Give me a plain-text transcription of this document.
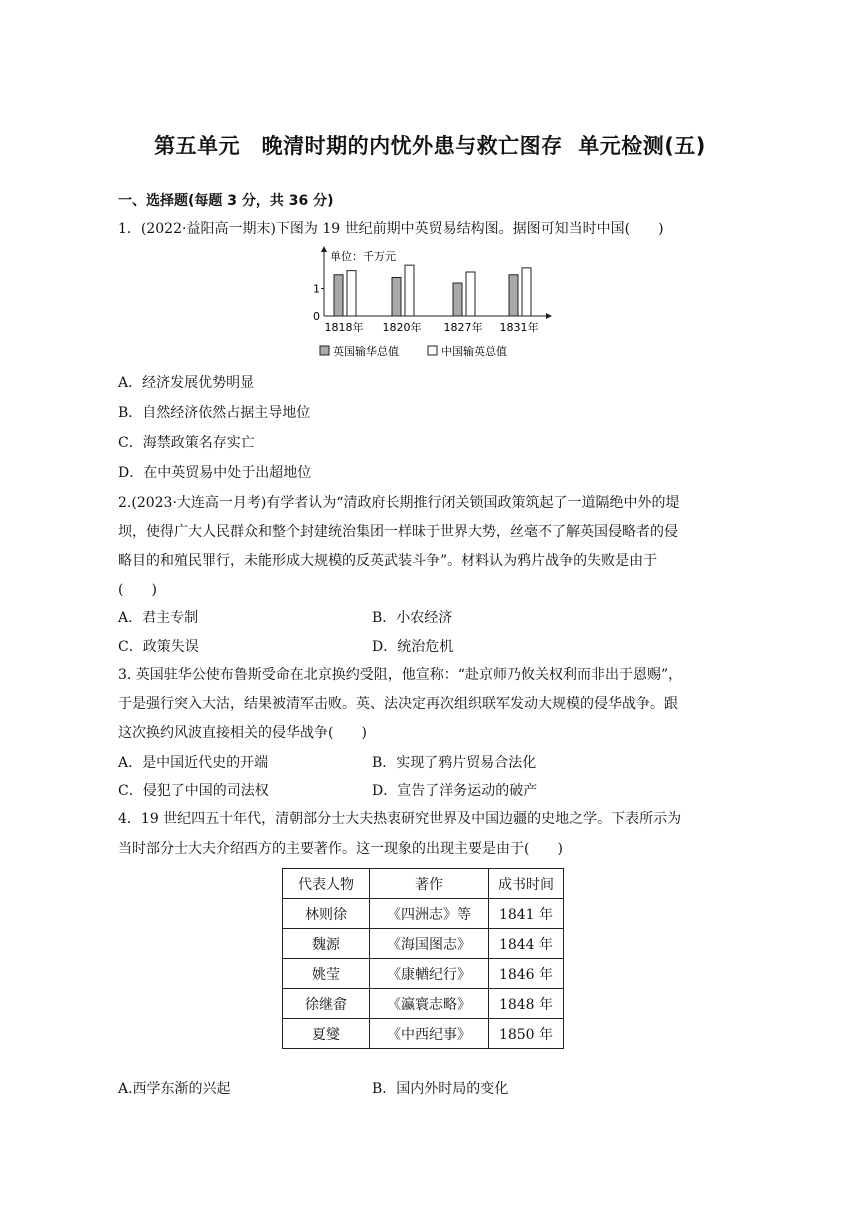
第五单元　晚清时期的内忧外患与救亡图存  单元检测(五)
一、选择题(每题 3 分，共 36 分)
1．(2022·益阳高一期末)下图为 19 世纪前期中英贸易结构图。据图可知当时中国(　　)
单位：千万元
0
1
1818年 1820年 1827年 1831年
英国输华总值	中国输英总值
A．经济发展优势明显
B．自然经济依然占据主导地位
C．海禁政策名存实亡
D．在中英贸易中处于出超地位
2.(2023·大连高一月考)有学者认为“清政府长期推行闭关锁国政策筑起了一道隔绝中外的堤
坝，使得广大人民群众和整个封建统治集团一样昧于世界大势，丝毫不了解英国侵略者的侵
略目的和殖民罪行，未能形成大规模的反英武装斗争”。材料认为鸦片战争的失败是由于
(　　)
A．君主专制	B．小农经济
C．政策失误	D．统治危机
3. 英国驻华公使布鲁斯受命在北京换约受阻，他宣称：“赴京师乃攸关权利而非出于恩赐”，
于是强行突入大沽，结果被清军击败。英、法决定再次组织联军发动大规模的侵华战争。跟
这次换约风波直接相关的侵华战争(　　)
A．是中国近代史的开端	B．实现了鸦片贸易合法化
C．侵犯了中国的司法权	D．宣告了洋务运动的破产
4．19 世纪四五十年代，清朝部分士大夫热衷研究世界及中国边疆的史地之学。下表所示为
当时部分士大夫介绍西方的主要著作。这一现象的出现主要是由于(　　)
代表人物	著作	成书时间
林则徐	《四洲志》等	1841 年
魏源	《海国图志》	1844 年
姚莹	《康輶纪行》	1846 年
徐继畲	《瀛寰志略》	1848 年
夏燮	《中西纪事》	1850 年
A.西学东渐的兴起	B．国内外时局的变化
